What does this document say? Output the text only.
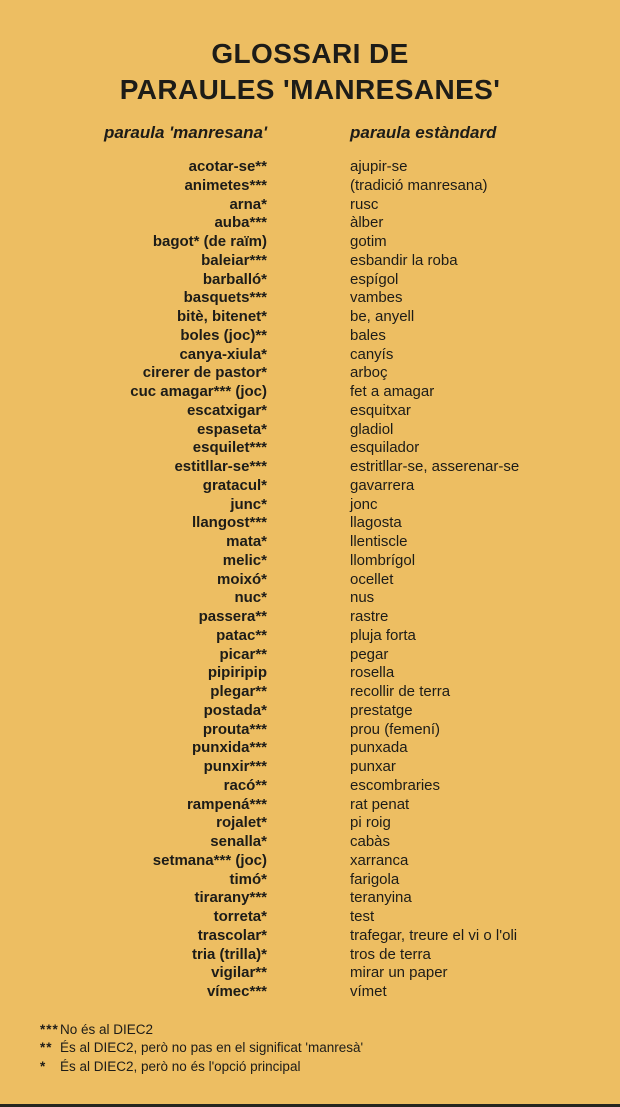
GLOSSARI DE
PARAULES 'MANRESANES'
paraula 'manresana'	paraula estàndard
acotar-se**	ajupir-se
animetes***	(tradició manresana)
arna*	rusc
auba***	àlber
bagot* (de raïm)	gotim
baleiar***	esbandir la roba
barballó*	espígol
basquets***	vambes
bitè, bitenet*	be, anyell
boles (joc)**	bales
canya-xiula*	canyís
cirerer de pastor*	arboç
cuc amagar*** (joc)	fet a amagar
escatxigar*	esquitxar
espaseta*	gladiol
esquilet***	esquilador
estitllar-se***	estritllar-se, asserenar-se
gratacul*	gavarrera
junc*	jonc
llangost***	llagosta
mata*	llentiscle
melic*	llombrígol
moixó*	ocellet
nuc*	nus
passera**	rastre
patac**	pluja forta
picar**	pegar
pipiripip	rosella
plegar**	recollir de terra
postada*	prestatge
prouta***	prou (femení)
punxida***	punxada
punxir***	punxar
racó**	escombraries
rampená***	rat penat
rojalet*	pi roig
senalla*	cabàs
setmana*** (joc)	xarranca
timó*	farigola
tirarany***	teranyina
torreta*	test
trascolar*	trafegar, treure el vi o l'oli
tria (trilla)*	tros de terra
vigilar**	mirar un paper
vímec***	vímet
*** No és al DIEC2
** És al DIEC2, però no pas en el significat 'manresà'
*	És al DIEC2, però no és l'opció principal
